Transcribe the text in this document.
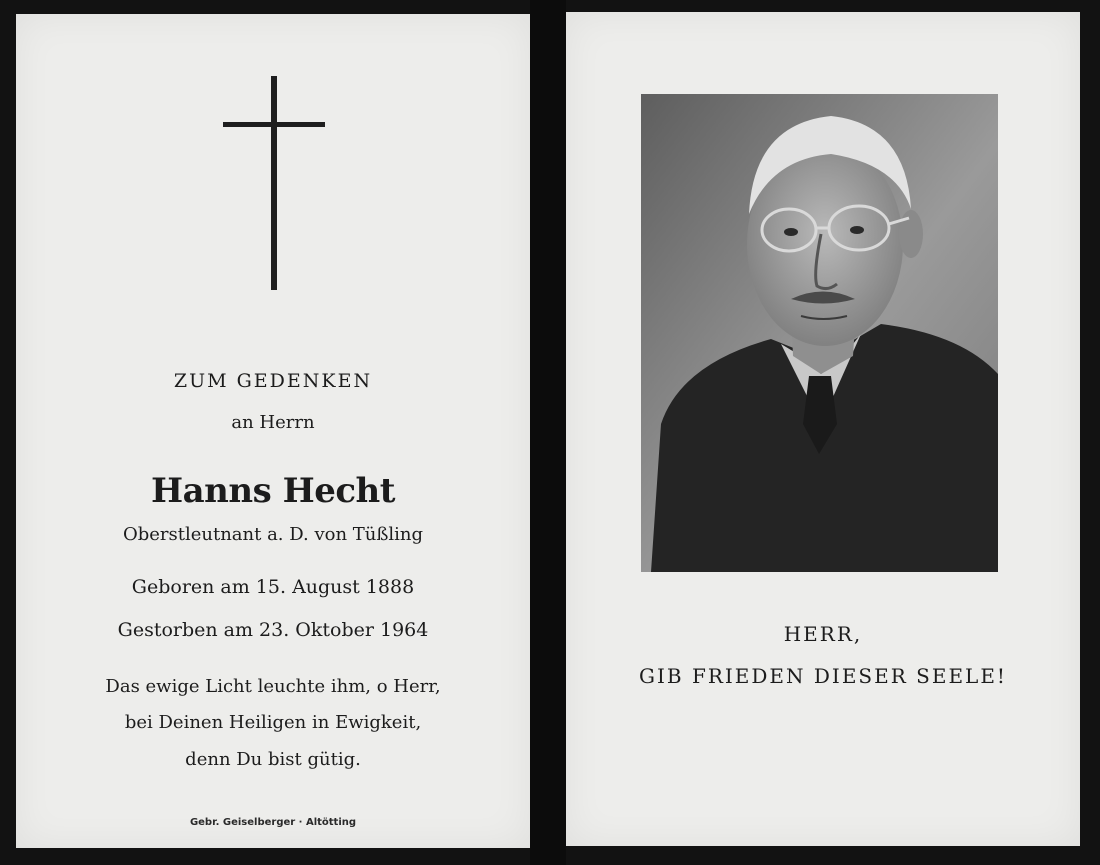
ZUM GEDENKEN
an Herrn
Hanns Hecht
Oberstleutnant a. D. von Tüßling
Geboren am 15. August 1888
Gestorben am 23. Oktober 1964
Das ewige Licht leuchte ihm, o Herr,
bei Deinen Heiligen in Ewigkeit,
denn Du bist gütig.
Gebr. Geiselberger · Altötting
HERR,
GIB FRIEDEN DIESER SEELE!
